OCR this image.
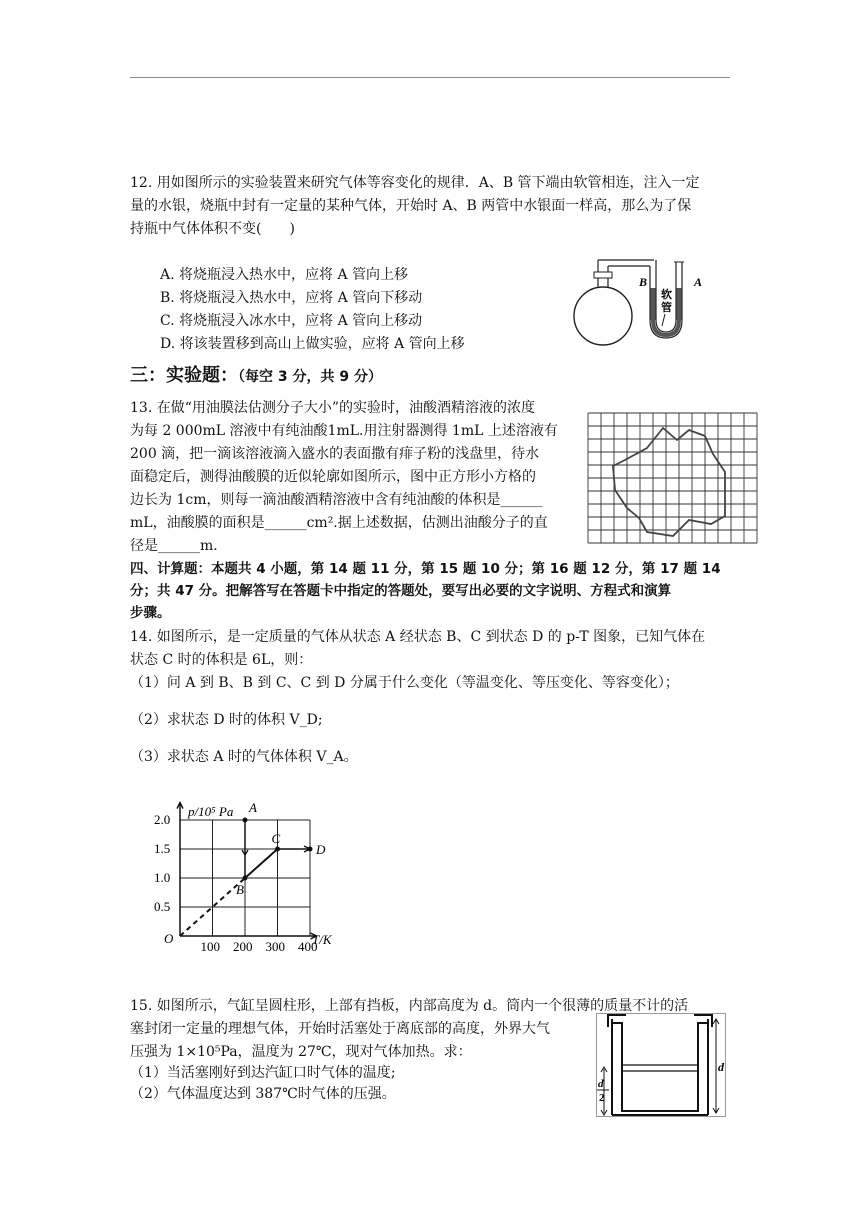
12. 用如图所示的实验装置来研究气体等容变化的规律．A、B 管下端由软管相连，注入一定
量的水银，烧瓶中封有一定量的某种气体，开始时 A、B 两管中水银面一样高，那么为了保
持瓶中气体体积不变(　　)
A. 将烧瓶浸入热水中，应将 A 管向上移
B. 将烧瓶浸入热水中，应将 A 管向下移动
C. 将烧瓶浸入冰水中，应将 A 管向上移动
D. 将该装置移到高山上做实验，应将 A 管向上移
B	A
软
管
三：实验题：（每空 3 分，共 9 分）
13. 在做“用油膜法估测分子大小”的实验时，油酸酒精溶液的浓度
为每 2 000mL 溶液中有纯油酸1mL.用注射器测得 1mL 上述溶液有
200 滴，把一滴该溶液滴入盛水的表面撒有痱子粉的浅盘里，待水
面稳定后，测得油酸膜的近似轮廓如图所示，图中正方形小方格的
边长为 1cm，则每一滴油酸酒精溶液中含有纯油酸的体积是______
mL，油酸膜的面积是______cm².据上述数据，估测出油酸分子的直
径是______m.
四、计算题：本题共 4 小题，第 14 题 11 分，第 15 题 10 分；第 16 题 12 分，第 17 题 14
分；共 47 分。把解答写在答题卡中指定的答题处，要写出必要的文字说明、方程式和演算
步骤。
14. 如图所示，是一定质量的气体从状态 A 经状态 B、C 到状态 D 的 p-T 图象，已知气体在
状态 C 时的体积是 6L，则：
（1）问 A 到 B、B 到 C、C 到 D 分属于什么变化（等温变化、等压变化、等容变化）；
（2）求状态 D 时的体积 V_D;
（3）求状态 A 时的气体体积 V_A。
100 200 300 400
2.0
1.5
1.0
0.5
A
B
C
D
p/10⁵ Pa
T/K
O
15. 如图所示，气缸呈圆柱形，上部有挡板，内部高度为 d。筒内一个很薄的质量不计的活
塞封闭一定量的理想气体，开始时活塞处于离底部的高度，外界大气
压强为 1×10⁵Pa，温度为 27℃，现对气体加热。求：
（1）当活塞刚好到达汽缸口时气体的温度;
（2）气体温度达到 387℃时气体的压强。
d
2
d
